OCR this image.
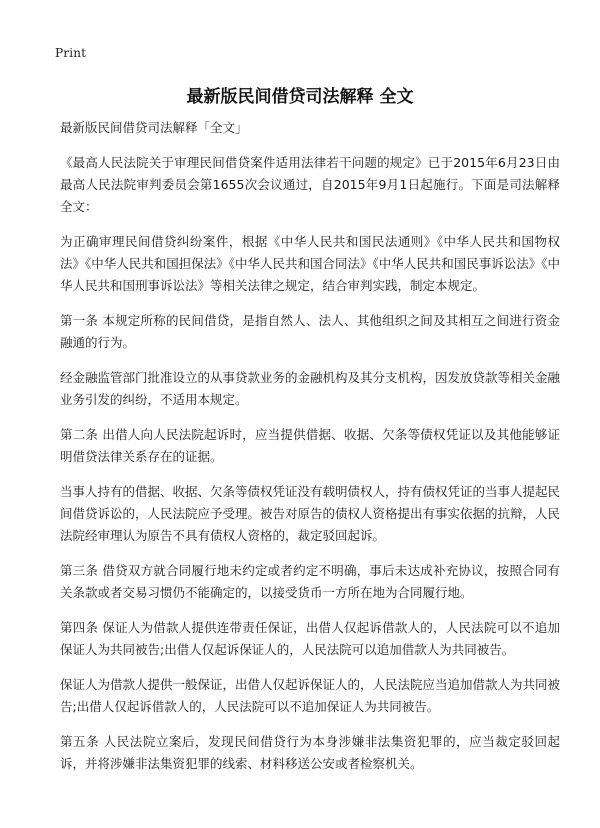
Print
最新版民间借贷司法解释 全文

最新版民间借贷司法解释「全文」

《最高人民法院关于审理民间借贷案件适用法律若干问题的规定》已于2015年6月23日由最高人民法院审判委员会第1655次会议通过，自2015年9月1日起施行。下面是司法解释全文：

为正确审理民间借贷纠纷案件，根据《中华人民共和国民法通则》《中华人民共和国物权法》《中华人民共和国担保法》《中华人民共和国合同法》《中华人民共和国民事诉讼法》《中华人民共和国刑事诉讼法》等相关法律之规定，结合审判实践，制定本规定。

第一条 本规定所称的民间借贷，是指自然人、法人、其他组织之间及其相互之间进行资金融通的行为。

经金融监管部门批准设立的从事贷款业务的金融机构及其分支机构，因发放贷款等相关金融业务引发的纠纷，不适用本规定。

第二条 出借人向人民法院起诉时，应当提供借据、收据、欠条等债权凭证以及其他能够证明借贷法律关系存在的证据。

当事人持有的借据、收据、欠条等债权凭证没有载明债权人，持有债权凭证的当事人提起民间借贷诉讼的，人民法院应予受理。被告对原告的债权人资格提出有事实依据的抗辩，人民法院经审理认为原告不具有债权人资格的，裁定驳回起诉。

第三条 借贷双方就合同履行地未约定或者约定不明确，事后未达成补充协议，按照合同有关条款或者交易习惯仍不能确定的，以接受货币一方所在地为合同履行地。

第四条 保证人为借款人提供连带责任保证，出借人仅起诉借款人的，人民法院可以不追加保证人为共同被告;出借人仅起诉保证人的，人民法院可以追加借款人为共同被告。

保证人为借款人提供一般保证，出借人仅起诉保证人的，人民法院应当追加借款人为共同被告;出借人仅起诉借款人的，人民法院可以不追加保证人为共同被告。

第五条 人民法院立案后，发现民间借贷行为本身涉嫌非法集资犯罪的，应当裁定驳回起诉，并将涉嫌非法集资犯罪的线索、材料移送公安或者检察机关。
